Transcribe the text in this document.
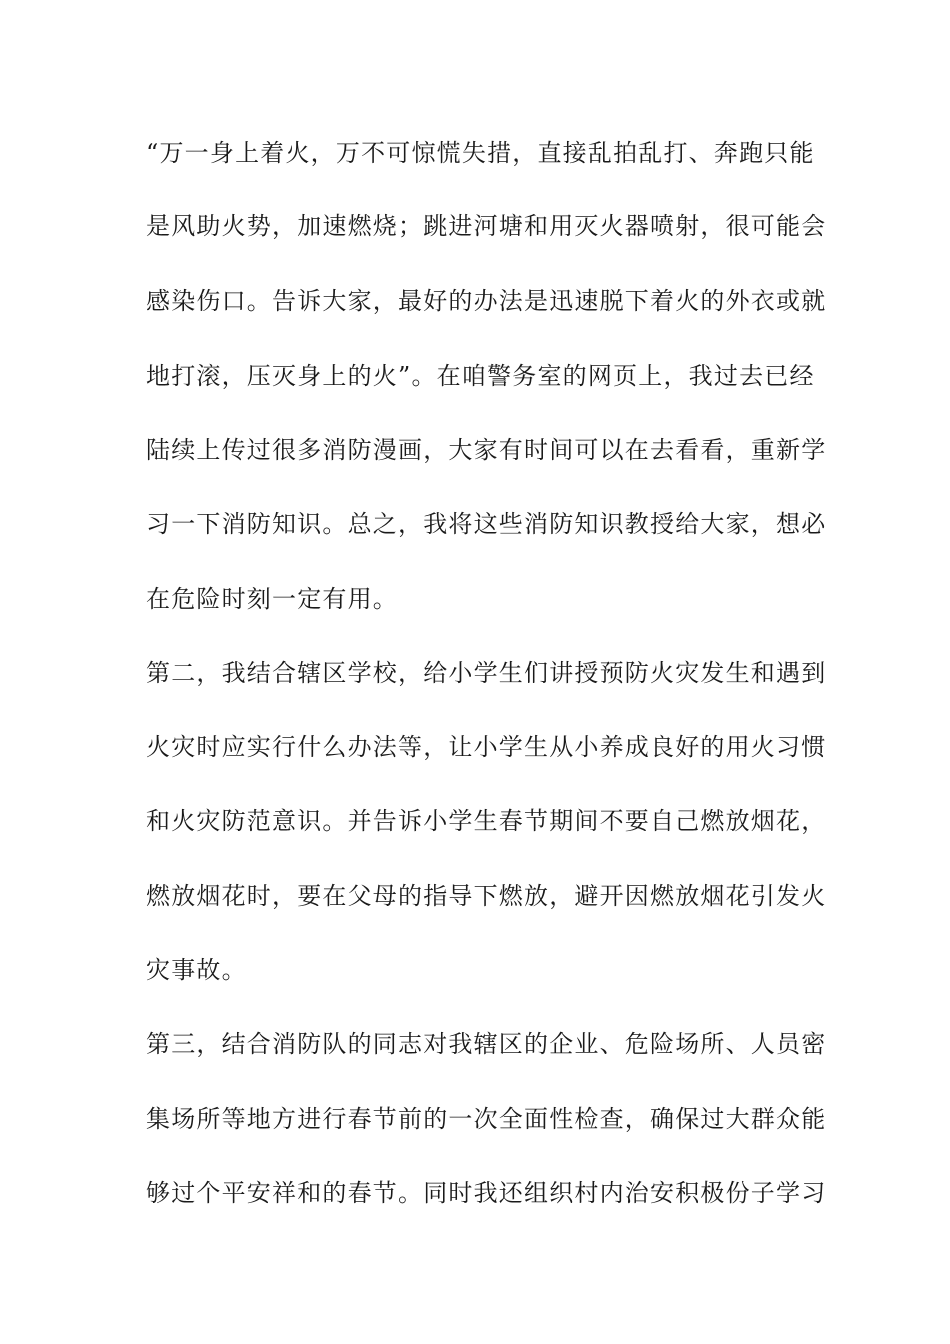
“万一身上着火，万不可惊慌失措，直接乱拍乱打、奔跑只能
是风助火势，加速燃烧；跳进河塘和用灭火器喷射，很可能会
感染伤口。告诉大家，最好的办法是迅速脱下着火的外衣或就
地打滚，压灭身上的火”。在咱警务室的网页上，我过去已经
陆续上传过很多消防漫画，大家有时间可以在去看看，重新学
习一下消防知识。总之，我将这些消防知识教授给大家，想必
在危险时刻一定有用。
第二，我结合辖区学校，给小学生们讲授预防火灾发生和遇到
火灾时应实行什么办法等，让小学生从小养成良好的用火习惯
和火灾防范意识。并告诉小学生春节期间不要自己燃放烟花，
燃放烟花时，要在父母的指导下燃放，避开因燃放烟花引发火
灾事故。
第三，结合消防队的同志对我辖区的企业、危险场所、人员密
集场所等地方进行春节前的一次全面性检查，确保过大群众能
够过个平安祥和的春节。同时我还组织村内治安积极份子学习
